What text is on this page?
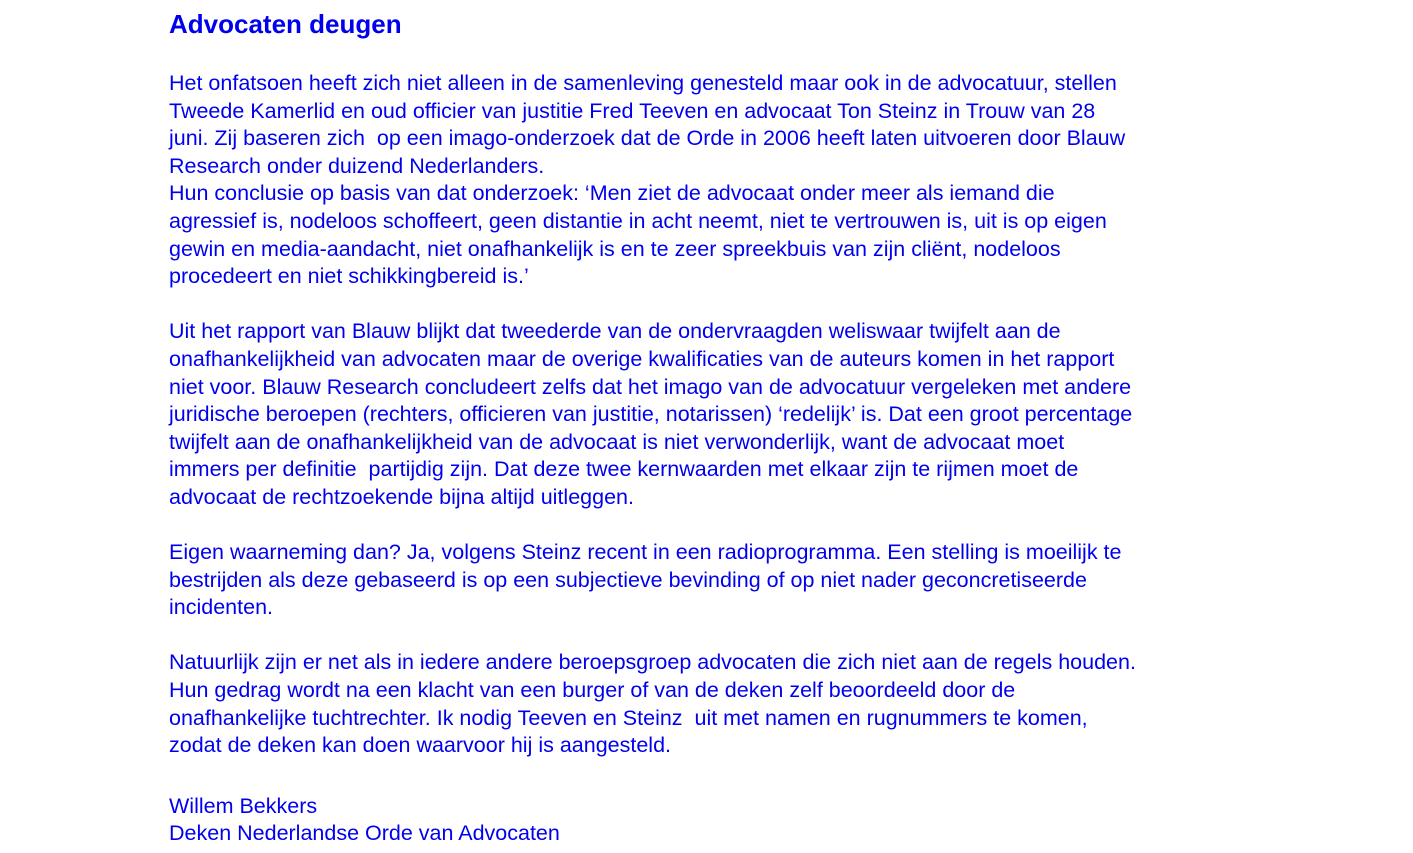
Advocaten deugen
Het onfatsoen heeft zich niet alleen in de samenleving genesteld maar ook in de advocatuur, stellen
Tweede Kamerlid en oud officier van justitie Fred Teeven en advocaat Ton Steinz in Trouw van 28
juni. Zij baseren zich  op een imago-onderzoek dat de Orde in 2006 heeft laten uitvoeren door Blauw
Research onder duizend Nederlanders.
Hun conclusie op basis van dat onderzoek: ‘Men ziet de advocaat onder meer als iemand die
agressief is, nodeloos schoffeert, geen distantie in acht neemt, niet te vertrouwen is, uit is op eigen
gewin en media-aandacht, niet onafhankelijk is en te zeer spreekbuis van zijn cliënt, nodeloos
procedeert en niet schikkingbereid is.’
Uit het rapport van Blauw blijkt dat tweederde van de ondervraagden weliswaar twijfelt aan de
onafhankelijkheid van advocaten maar de overige kwalificaties van de auteurs komen in het rapport
niet voor. Blauw Research concludeert zelfs dat het imago van de advocatuur vergeleken met andere
juridische beroepen (rechters, officieren van justitie, notarissen) ‘redelijk’ is. Dat een groot percentage
twijfelt aan de onafhankelijkheid van de advocaat is niet verwonderlijk, want de advocaat moet
immers per definitie  partijdig zijn. Dat deze twee kernwaarden met elkaar zijn te rijmen moet de
advocaat de rechtzoekende bijna altijd uitleggen.
Eigen waarneming dan? Ja, volgens Steinz recent in een radioprogramma. Een stelling is moeilijk te
bestrijden als deze gebaseerd is op een subjectieve bevinding of op niet nader geconcretiseerde
incidenten.
Natuurlijk zijn er net als in iedere andere beroepsgroep advocaten die zich niet aan de regels houden.
Hun gedrag wordt na een klacht van een burger of van de deken zelf beoordeeld door de
onafhankelijke tuchtrechter. Ik nodig Teeven en Steinz  uit met namen en rugnummers te komen,
zodat de deken kan doen waarvoor hij is aangesteld.
Willem Bekkers
Deken Nederlandse Orde van Advocaten
